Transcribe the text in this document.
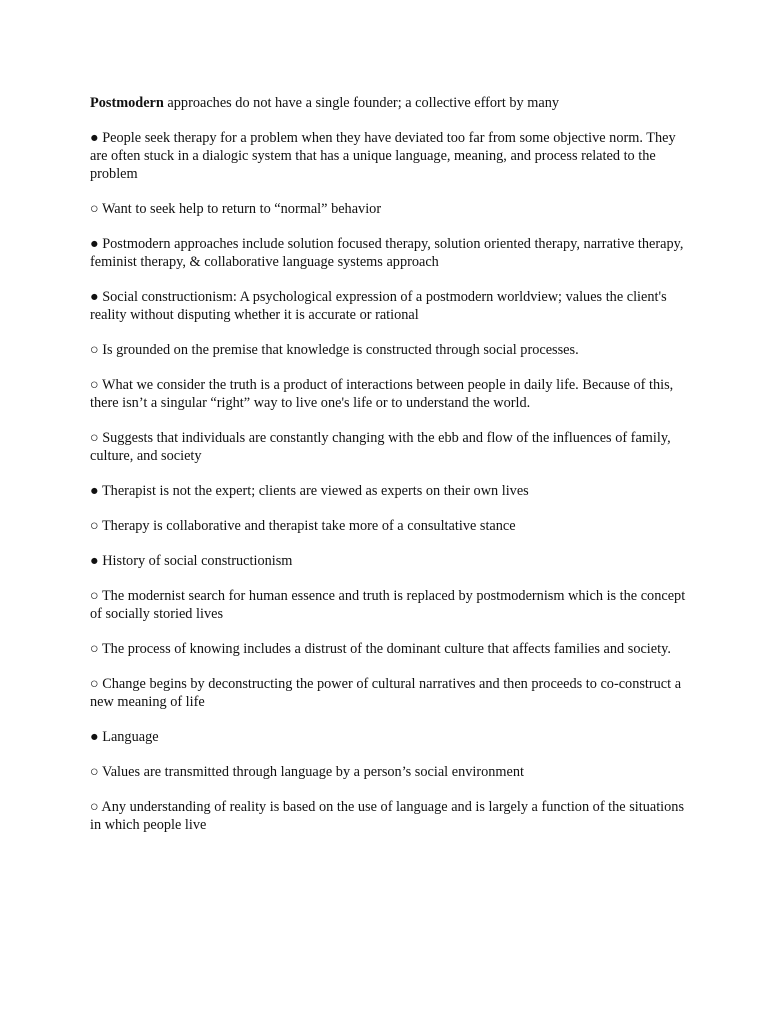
Postmodern approaches do not have a single founder; a collective effort by many

● People seek therapy for a problem when they have deviated too far from some objective norm. They are often stuck in a dialogic system that has a unique language, meaning, and process related to the problem

○ Want to seek help to return to “normal” behavior

● Postmodern approaches include solution focused therapy, solution oriented therapy, narrative therapy, feminist therapy, & collaborative language systems approach

● Social constructionism: A psychological expression of a postmodern worldview; values the client's reality without disputing whether it is accurate or rational

○ Is grounded on the premise that knowledge is constructed through social processes.

○ What we consider the truth is a product of interactions between people in daily life. Because of this, there isn’t a singular “right” way to live one's life or to understand the world.

○ Suggests that individuals are constantly changing with the ebb and flow of the influences of family, culture, and society

● Therapist is not the expert; clients are viewed as experts on their own lives

○ Therapy is collaborative and therapist take more of a consultative stance

● History of social constructionism

○ The modernist search for human essence and truth is replaced by postmodernism which is the concept of socially storied lives

○ The process of knowing includes a distrust of the dominant culture that affects families and society.

○ Change begins by deconstructing the power of cultural narratives and then proceeds to co-construct a new meaning of life

● Language

○ Values are transmitted through language by a person’s social environment

○ Any understanding of reality is based on the use of language and is largely a function of the situations in which people live
